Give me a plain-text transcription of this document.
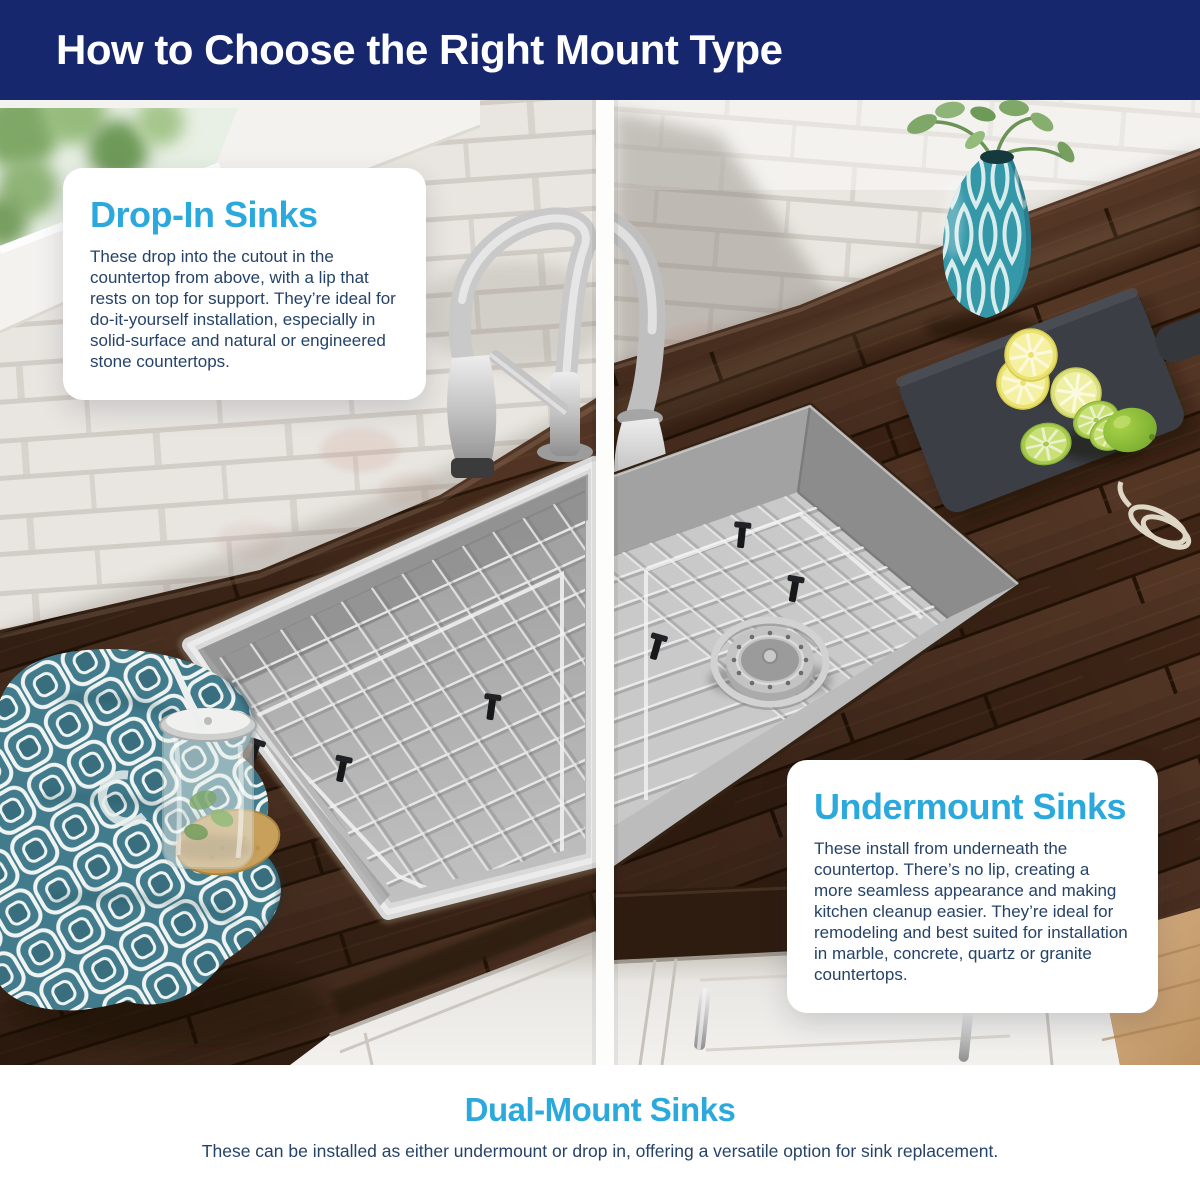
How to Choose the Right Mount Type
Drop-In Sinks

These drop into the cutout in the countertop from above, with a lip that rests on top for support. They’re ideal for do-it-yourself installation, especially in solid-surface and natural or engineered stone countertops.

Undermount Sinks

These install from underneath the countertop. There’s no lip, creating a more seamless appearance and making kitchen cleanup easier. They’re ideal for remodeling and best suited for installation in marble, concrete, quartz or granite countertops.

Dual-Mount Sinks

These can be installed as either undermount or drop in, offering a versatile option for sink replacement.
